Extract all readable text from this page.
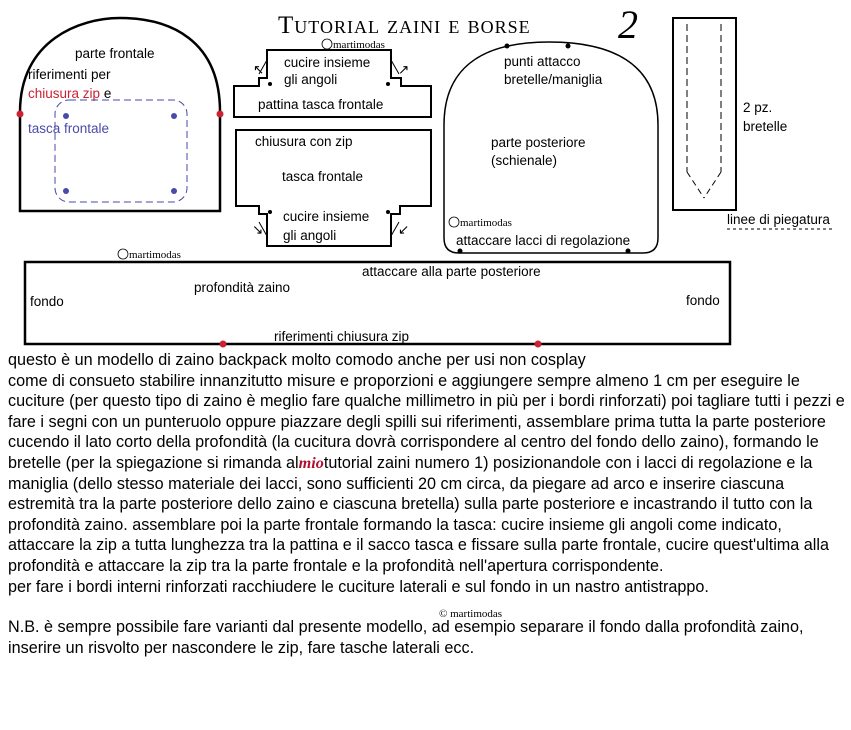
Tutorial zaini e borse 2
parte frontale
riferimenti per
chiusura zip e
tasca frontale
↖	↗
cucire insieme
gli angoli
pattina tasca frontale
↘	↙
chiusura con zip
tasca frontale
cucire insieme
gli angoli
punti attacco
bretelle/maniglia
parte posteriore
(schienale)
attaccare lacci di regolazione
2 pz.
bretelle
linee di piegatura
attaccare alla parte posteriore
profondità zaino
fondo	fondo
riferimenti chiusura zip
martimodas
martimodas
martimodas

questo è un modello di zaino backpack molto comodo anche per usi non cosplay

come di consueto stabilire innanzitutto misure e proporzioni e aggiungere sempre almeno 1 cm per eseguire le cuciture (per questo tipo di zaino è meglio fare qualche millimetro in più per i bordi rinforzati) poi tagliare tutti i pezzi e fare i segni con un punteruolo oppure piazzare degli spilli sui riferimenti, assemblare prima tutta la parte posteriore cucendo il lato corto della profondità (la cucitura dovrà corrispondere al centro del fondo dello zaino), formando le bretelle (per la spiegazione si rimanda almiotutorial zaini numero 1) posizionandole con i lacci di regolazione e la maniglia (dello stesso materiale dei lacci, sono sufficienti 20 cm circa, da piegare ad arco e inserire ciascuna estremità tra la parte posteriore dello zaino e ciascuna bretella) sulla parte posteriore e incastrando il tutto con la profondità zaino. assemblare poi la parte frontale formando la tasca: cucire insieme gli angoli come indicato, attaccare la zip a tutta lunghezza tra la pattina e il sacco tasca e fissare sulla parte frontale, cucire quest'ultima alla profondità e attaccare la zip tra la parte frontale e la profondità nell'apertura corrispondente.

per fare i bordi interni rinforzati racchiudere le cuciture laterali e sul fondo in un nastro antistrappo.

N.B. è sempre possibile fare varianti dal presente modello, ad esempio separare il fondo dalla profondità zaino, inserire un risvolto per nascondere le zip, fare tasche laterali ecc.

© martimodas
